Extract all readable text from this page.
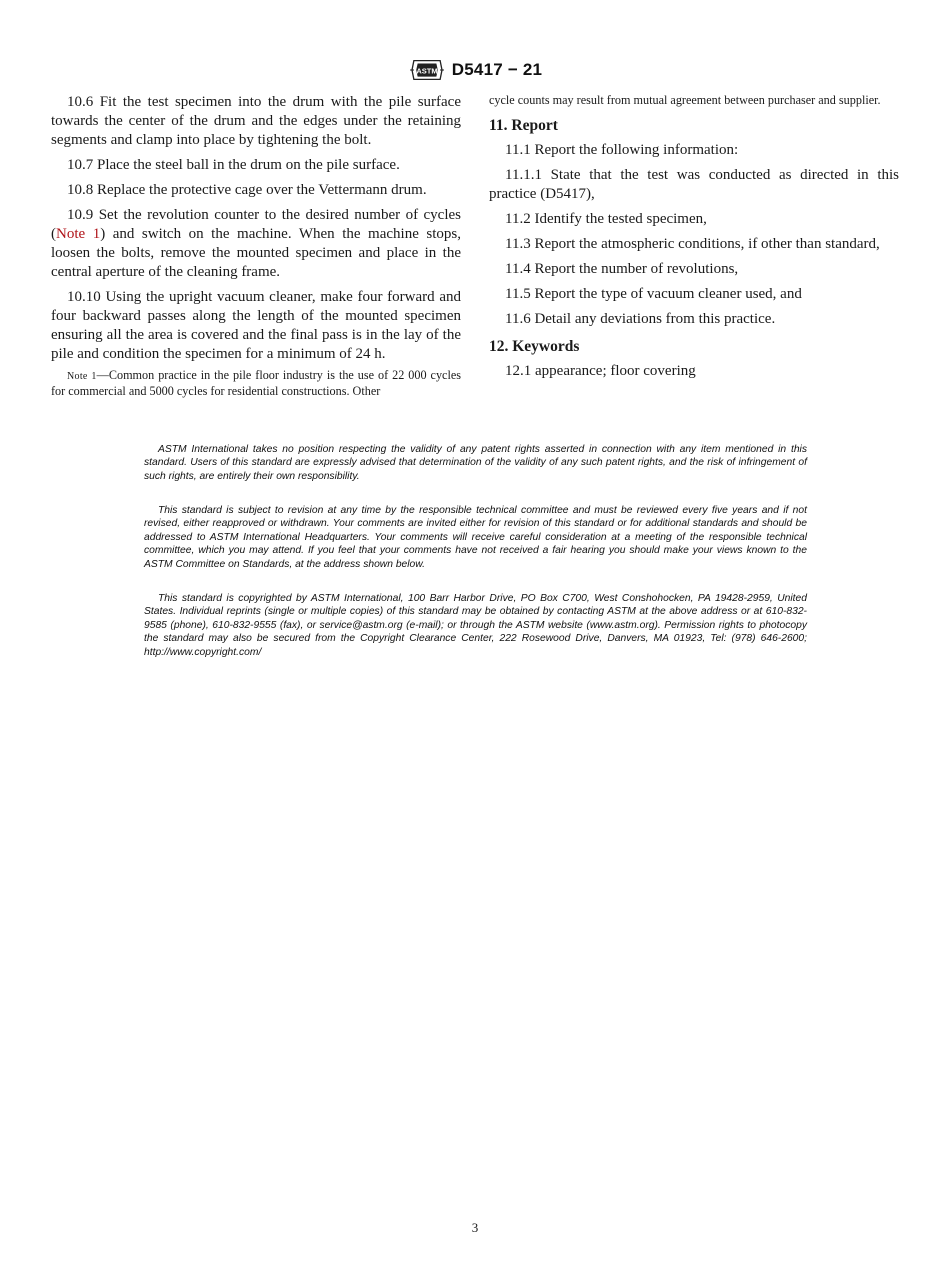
ASTM D5417 − 21

10.6 Fit the test specimen into the drum with the pile surface towards the center of the drum and the edges under the retaining segments and clamp into place by tightening the bolt.

10.7 Place the steel ball in the drum on the pile surface.

10.8 Replace the protective cage over the Vettermann drum.

10.9 Set the revolution counter to the desired number of cycles (Note 1) and switch on the machine. When the machine stops, loosen the bolts, remove the mounted specimen and place in the central aperture of the cleaning frame.

10.10 Using the upright vacuum cleaner, make four forward and four backward passes along the length of the mounted specimen ensuring all the area is covered and the final pass is in the lay of the pile and condition the specimen for a minimum of 24 h.

Note 1—Common practice in the pile floor industry is the use of 22 000 cycles for commercial and 5000 cycles for residential constructions. Other

cycle counts may result from mutual agreement between purchaser and supplier.

11. Report

11.1 Report the following information:

11.1.1 State that the test was conducted as directed in this practice (D5417),

11.2 Identify the tested specimen,

11.3 Report the atmospheric conditions, if other than standard,

11.4 Report the number of revolutions,

11.5 Report the type of vacuum cleaner used, and

11.6 Detail any deviations from this practice.

12. Keywords

12.1 appearance; floor covering

ASTM International takes no position respecting the validity of any patent rights asserted in connection with any item mentioned in this standard. Users of this standard are expressly advised that determination of the validity of any such patent rights, and the risk of infringement of such rights, are entirely their own responsibility.

This standard is subject to revision at any time by the responsible technical committee and must be reviewed every five years and if not revised, either reapproved or withdrawn. Your comments are invited either for revision of this standard or for additional standards and should be addressed to ASTM International Headquarters. Your comments will receive careful consideration at a meeting of the responsible technical committee, which you may attend. If you feel that your comments have not received a fair hearing you should make your views known to the ASTM Committee on Standards, at the address shown below.

This standard is copyrighted by ASTM International, 100 Barr Harbor Drive, PO Box C700, West Conshohocken, PA 19428-2959, United States. Individual reprints (single or multiple copies) of this standard may be obtained by contacting ASTM at the above address or at 610-832-9585 (phone), 610-832-9555 (fax), or service@astm.org (e-mail); or through the ASTM website (www.astm.org). Permission rights to photocopy the standard may also be secured from the Copyright Clearance Center, 222 Rosewood Drive, Danvers, MA 01923, Tel: (978) 646-2600; http://www.copyright.com/

3
